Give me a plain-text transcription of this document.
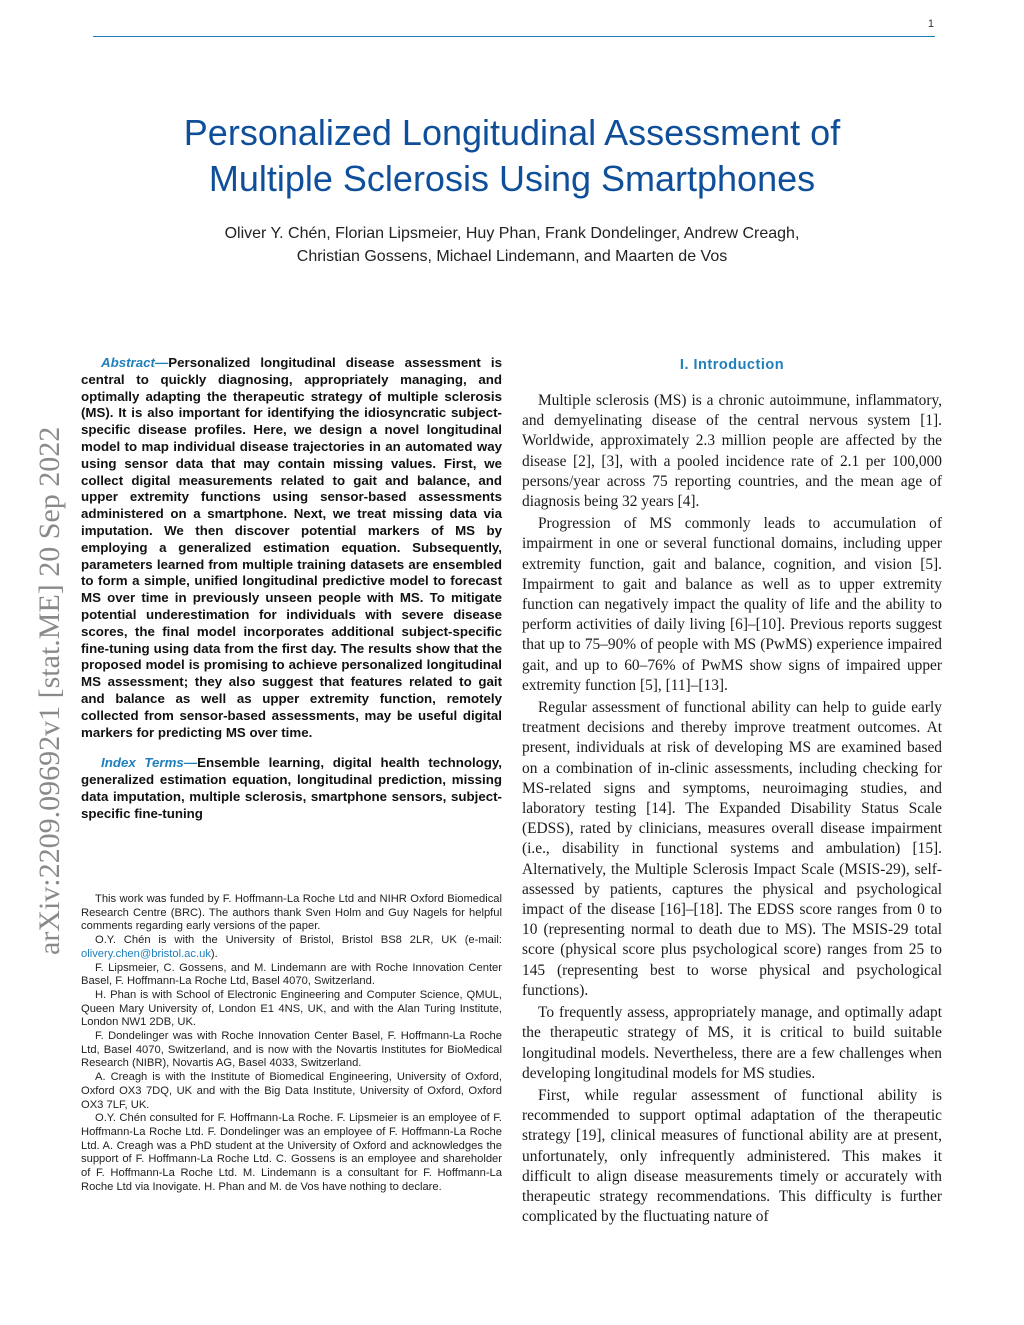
1
Personalized Longitudinal Assessment of
Multiple Sclerosis Using Smartphones
Oliver Y. Chén, Florian Lipsmeier, Huy Phan, Frank Dondelinger, Andrew Creagh,
Christian Gossens, Michael Lindemann, and Maarten de Vos
arXiv:2209.09692v1 [stat.ME] 20 Sep 2022

Abstract—Personalized longitudinal disease assessment is central to quickly diagnosing, appropriately managing, and optimally adapting the therapeutic strategy of multiple sclerosis (MS). It is also important for identifying the idiosyncratic subject-specific disease profiles. Here, we design a novel longitudinal model to map individual disease trajectories in an automated way using sensor data that may contain missing values. First, we collect digital measurements related to gait and balance, and upper extremity functions using sensor-based assessments administered on a smartphone. Next, we treat missing data via imputation. We then discover potential markers of MS by employing a generalized estimation equation. Subsequently, parameters learned from multiple training datasets are ensembled to form a simple, unified longitudinal predictive model to forecast MS over time in previously unseen people with MS. To mitigate potential underestimation for individuals with severe disease scores, the final model incorporates additional subject-specific fine-tuning using data from the first day. The results show that the proposed model is promising to achieve personalized longitudinal MS assessment; they also suggest that features related to gait and balance as well as upper extremity function, remotely collected from sensor-based assessments, may be useful digital markers for predicting MS over time.

Index Terms—Ensemble learning, digital health technology, generalized estimation equation, longitudinal prediction, missing data imputation, multiple sclerosis, smartphone sensors, subject-specific fine-tuning

This work was funded by F. Hoffmann-La Roche Ltd and NIHR Oxford Biomedical Research Centre (BRC). The authors thank Sven Holm and Guy Nagels for helpful comments regarding early versions of the paper.

O.Y. Chén is with the University of Bristol, Bristol BS8 2LR, UK (e-mail: olivery.chen@bristol.ac.uk).

F. Lipsmeier, C. Gossens, and M. Lindemann are with Roche Innovation Center Basel, F. Hoffmann-La Roche Ltd, Basel 4070, Switzerland.

H. Phan is with School of Electronic Engineering and Computer Science, QMUL, Queen Mary University of, London E1 4NS, UK, and with the Alan Turing Institute, London NW1 2DB, UK.

F. Dondelinger was with Roche Innovation Center Basel, F. Hoffmann-La Roche Ltd, Basel 4070, Switzerland, and is now with the Novartis Institutes for BioMedical Research (NIBR), Novartis AG, Basel 4033, Switzerland.

A. Creagh is with the Institute of Biomedical Engineering, University of Oxford, Oxford OX3 7DQ, UK and with the Big Data Institute, University of Oxford, Oxford OX3 7LF, UK.

O.Y. Chén consulted for F. Hoffmann-La Roche. F. Lipsmeier is an employee of F. Hoffmann-La Roche Ltd. F. Dondelinger was an employee of F. Hoffmann-La Roche Ltd. A. Creagh was a PhD student at the University of Oxford and acknowledges the support of F. Hoffmann-La Roche Ltd. C. Gossens is an employee and shareholder of F. Hoffmann-La Roche Ltd. M. Lindemann is a consultant for F. Hoffmann-La Roche Ltd via Inovigate. H. Phan and M. de Vos have nothing to declare.

I. Introduction

Multiple sclerosis (MS) is a chronic autoimmune, inflammatory, and demyelinating disease of the central nervous system [1]. Worldwide, approximately 2.3 million people are affected by the disease [2], [3], with a pooled incidence rate of 2.1 per 100,000 persons/year across 75 reporting countries, and the mean age of diagnosis being 32 years [4].

Progression of MS commonly leads to accumulation of impairment in one or several functional domains, including upper extremity function, gait and balance, cognition, and vision [5]. Impairment to gait and balance as well as to upper extremity function can negatively impact the quality of life and the ability to perform activities of daily living [6]–[10]. Previous reports suggest that up to 75–90% of people with MS (PwMS) experience impaired gait, and up to 60–76% of PwMS show signs of impaired upper extremity function [5], [11]–[13].

Regular assessment of functional ability can help to guide early treatment decisions and thereby improve treatment outcomes. At present, individuals at risk of developing MS are examined based on a combination of in-clinic assessments, including checking for MS-related signs and symptoms, neuroimaging studies, and laboratory testing [14]. The Expanded Disability Status Scale (EDSS), rated by clinicians, measures overall disease impairment (i.e., disability in functional systems and ambulation) [15]. Alternatively, the Multiple Sclerosis Impact Scale (MSIS-29), self-assessed by patients, captures the physical and psychological impact of the disease [16]–[18]. The EDSS score ranges from 0 to 10 (representing normal to death due to MS). The MSIS-29 total score (physical score plus psychological score) ranges from 25 to 145 (representing best to worse physical and psychological functions).

To frequently assess, appropriately manage, and optimally adapt the therapeutic strategy of MS, it is critical to build suitable longitudinal models. Nevertheless, there are a few challenges when developing longitudinal models for MS studies.

First, while regular assessment of functional ability is recommended to support optimal adaptation of the therapeutic strategy [19], clinical measures of functional ability are at present, unfortunately, only infrequently administered. This makes it difficult to align disease measurements timely or accurately with therapeutic strategy recommendations. This difficulty is further complicated by the fluctuating nature of
